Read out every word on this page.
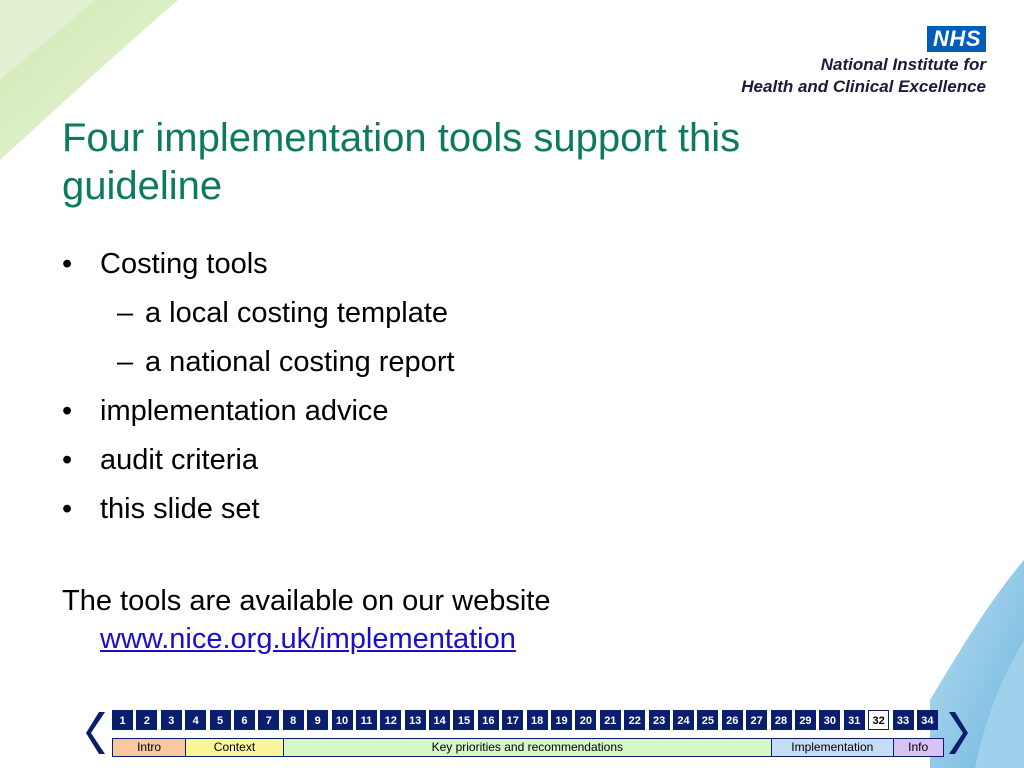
NHS
National Institute for
Health and Clinical Excellence
Four implementation tools support this guideline
• Costing tools
– a local costing template
– a national costing report
• implementation advice
• audit criteria
• this slide set
The tools are available on our website
www.nice.org.uk/implementation
1	2	3	4	5	6	7	8	9	10	11	12	13	14	15	16	17	18	19	20	21	22	23	24	25	26	27	28	29	30	31	32	33	34
Intro	Context	Key priorities and recommendations	Implementation	Info
